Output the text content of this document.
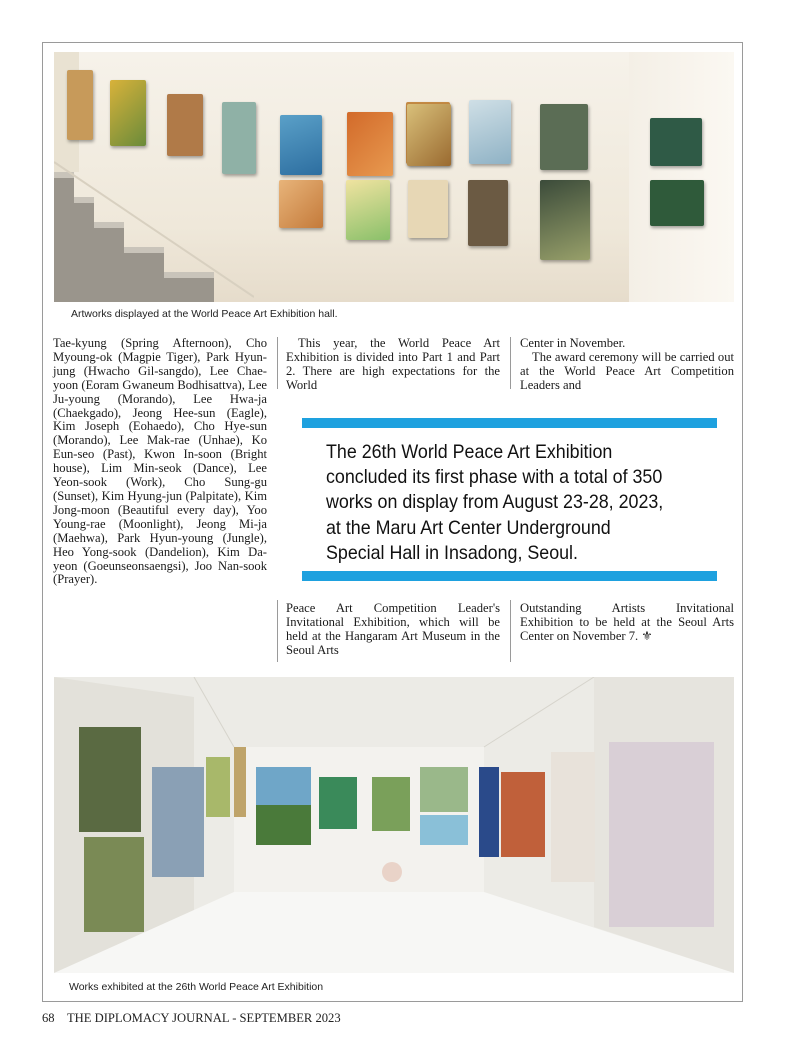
Artworks displayed at the World Peace Art Exhibition hall.

Tae-kyung (Spring Afternoon), Cho Myoung-ok (Magpie Tiger), Park Hyun-jung (Hwacho Gil-sangdo), Lee Chae-yoon (Eoram Gwaneum Bodhisattva), Lee Ju-young (Morando), Lee Hwa-ja (Chaekgado), Jeong Hee-sun (Eagle), Kim Joseph (Eohaedo), Cho Hye-sun (Morando), Lee Mak-rae (Unhae), Ko Eun-seo (Past), Kwon In-soon (Bright house), Lim Min-seok (Dance), Lee Yeon-sook (Work), Cho Sung-gu (Sunset), Kim Hyung-jun (Palpitate), Kim Jong-moon (Beautiful every day), Yoo Young-rae (Moonlight), Jeong Mi-ja (Maehwa), Park Hyun-young (Jungle), Heo Yong-sook (Dandelion), Kim Da-yeon (Goeunseonsaengsi), Joo Nan-sook (Prayer).

This year, the World Peace Art Exhibition is divided into Part 1 and Part 2. There are high expectations for the World

Center in November.

The award ceremony will be carried out at the World Peace Art Competition Leaders and

The 26th World Peace Art Exhibition concluded its first phase with a total of 350 works on display from August 23-28, 2023, at the Maru Art Center Underground Special Hall in Insadong, Seoul.

Peace Art Competition Leader's Invitational Exhibition, which will be held at the Hangaram Art Museum in the Seoul Arts

Outstanding Artists Invitational Exhibition to be held at the Seoul Arts Center on November 7. ⚜

Works exhibited at the 26th World Peace Art Exhibition
68 THE DIPLOMACY JOURNAL - SEPTEMBER 2023
